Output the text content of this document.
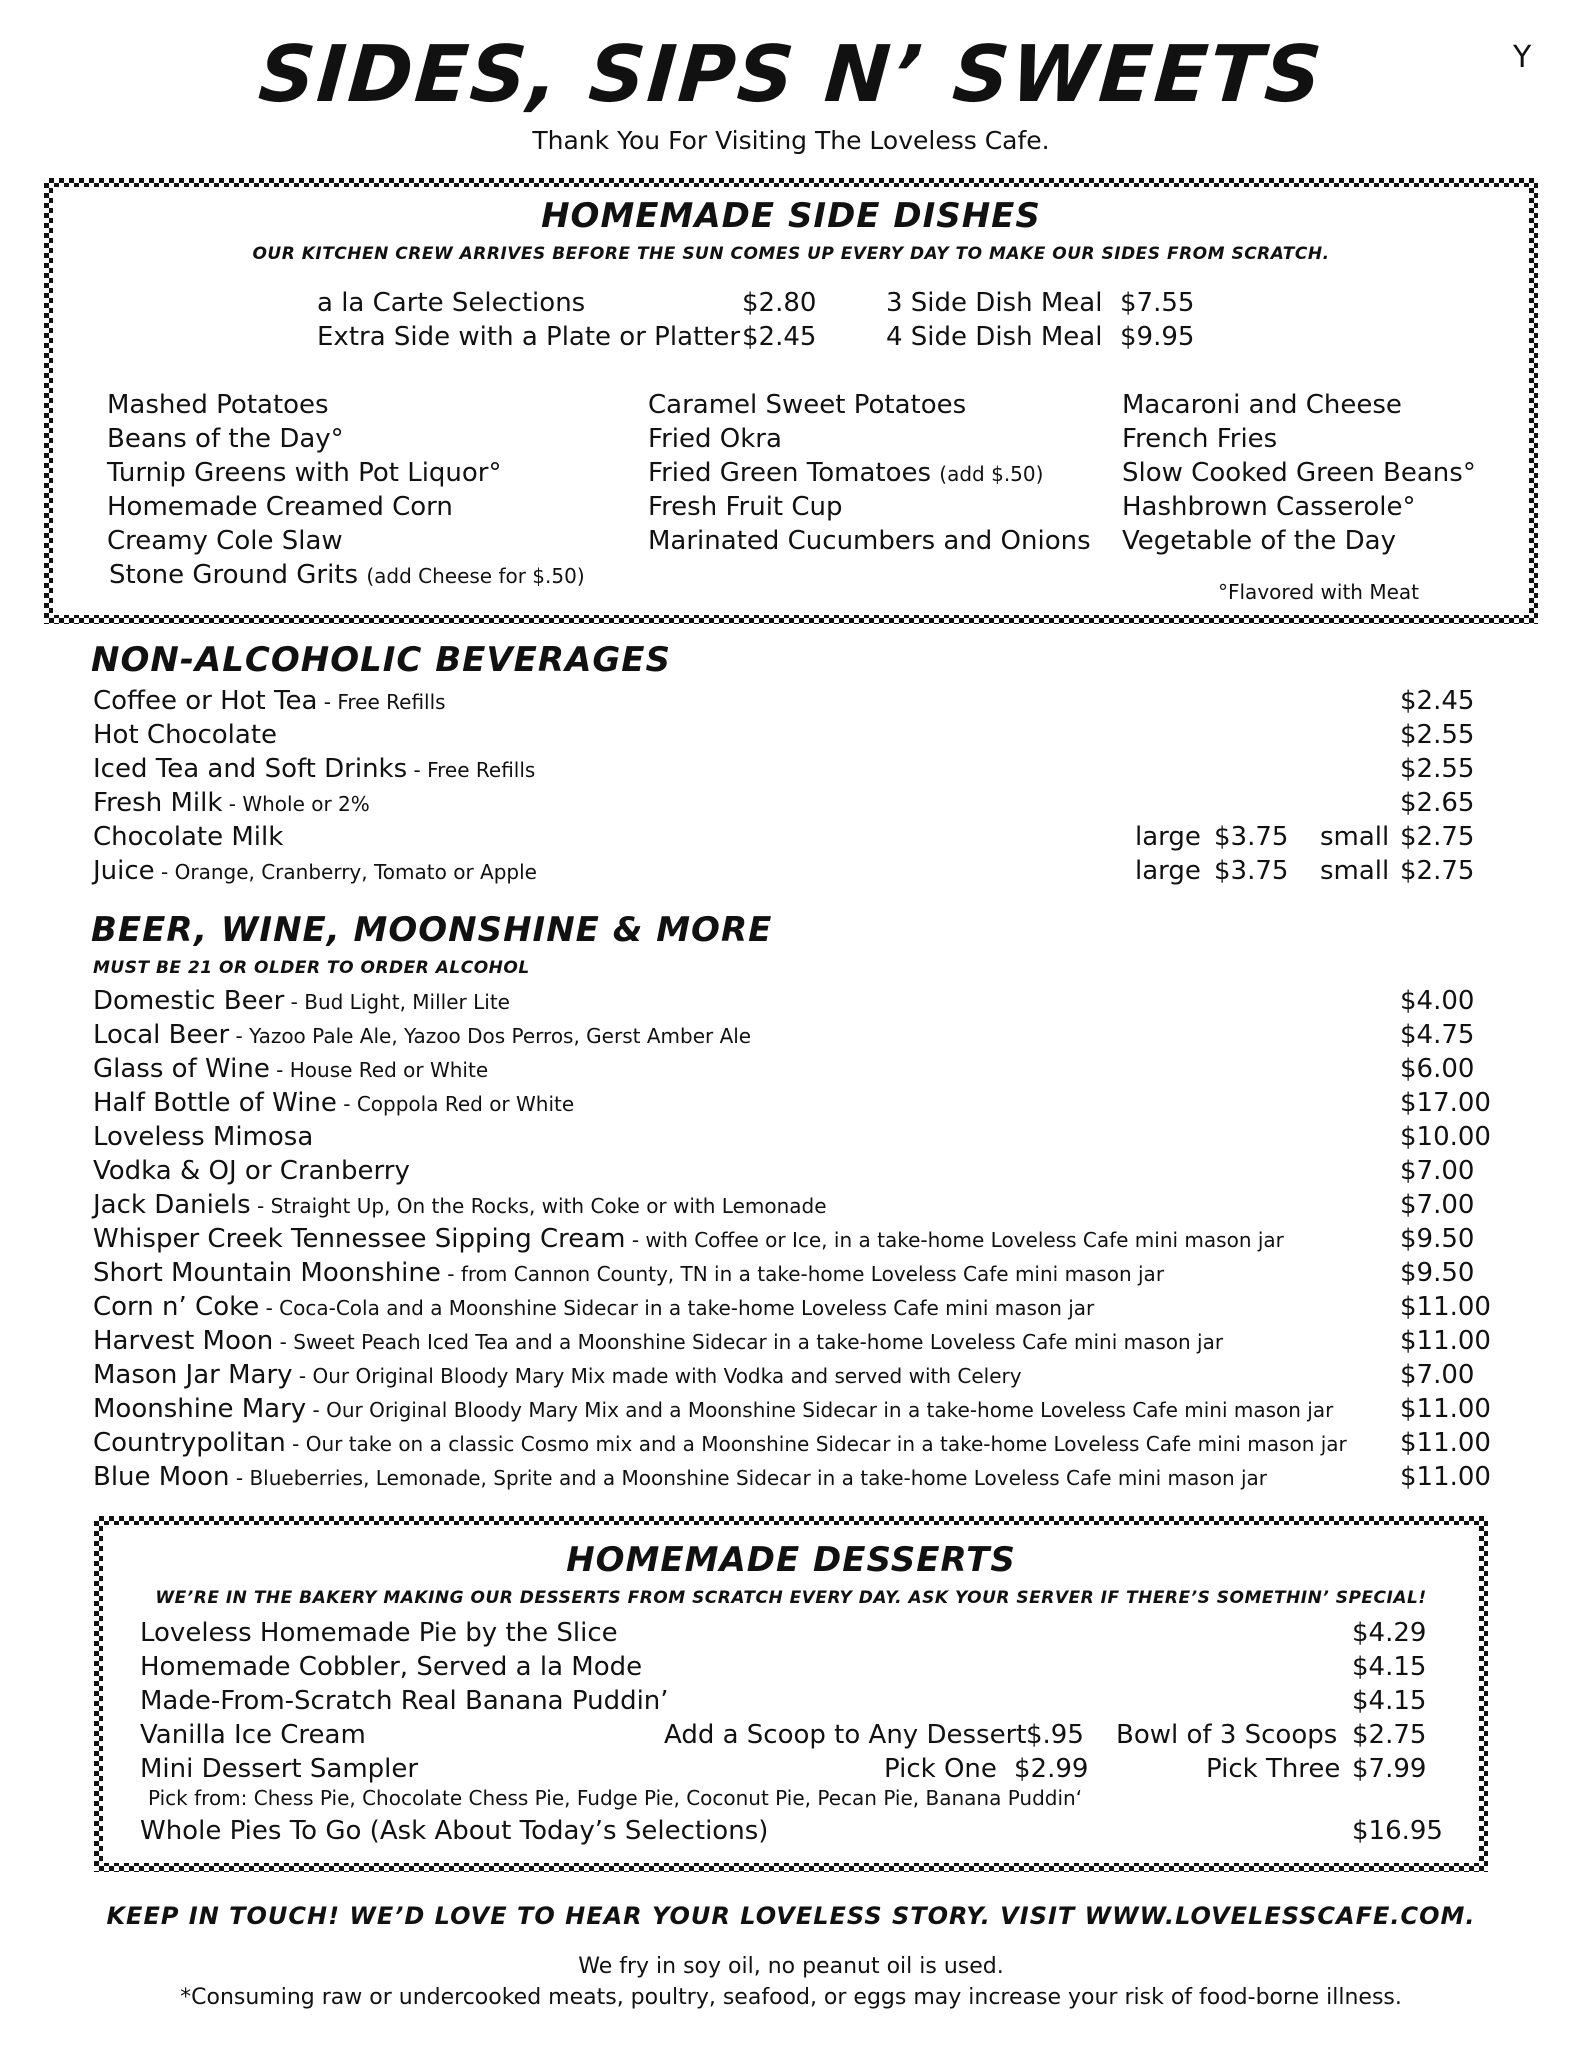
SIDES, SIPS N’ SWEETS
Thank You For Visiting The Loveless Cafe.
Y
HOMEMADE SIDE DISHES
OUR KITCHEN CREW ARRIVES BEFORE THE SUN COMES UP EVERY DAY TO MAKE OUR SIDES FROM SCRATCH.
a la Carte Selections	$2.80	3 Side Dish Meal $7.55
Extra Side with a Plate or Platter $2.45	4 Side Dish Meal $9.95
Mashed Potatoes
Beans of the Day°
Turnip Greens with Pot Liquor°
Homemade Creamed Corn
Creamy Cole Slaw
Stone Ground Grits (add Cheese for $.50)
Caramel Sweet Potatoes
Fried Okra
Fried Green Tomatoes (add $.50)
Fresh Fruit Cup
Marinated Cucumbers and Onions
Macaroni and Cheese
French Fries
Slow Cooked Green Beans°
Hashbrown Casserole°
Vegetable of the Day
°Flavored with Meat
NON-ALCOHOLIC BEVERAGES
Coffee or Hot Tea - Free Refills	$2.45
Hot Chocolate	$2.55
Iced Tea and Soft Drinks - Free Refills	$2.55
Fresh Milk - Whole or 2%	$2.65
Chocolate Milk	large $3.75 small $2.75
Juice - Orange, Cranberry, Tomato or Apple	large $3.75 small $2.75
BEER, WINE, MOONSHINE & MORE
MUST BE 21 OR OLDER TO ORDER ALCOHOL
Domestic Beer - Bud Light, Miller Lite	$4.00
Local Beer - Yazoo Pale Ale, Yazoo Dos Perros, Gerst Amber Ale	$4.75
Glass of Wine - House Red or White	$6.00
Half Bottle of Wine - Coppola Red or White	$17.00
Loveless Mimosa	$10.00
Vodka & OJ or Cranberry	$7.00
Jack Daniels - Straight Up, On the Rocks, with Coke or with Lemonade	$7.00
Whisper Creek Tennessee Sipping Cream - with Coffee or Ice, in a take-home Loveless Cafe mini mason jar	$9.50
Short Mountain Moonshine - from Cannon County, TN in a take-home Loveless Cafe mini mason jar	$9.50
Corn n’ Coke - Coca-Cola and a Moonshine Sidecar in a take-home Loveless Cafe mini mason jar	$11.00
Harvest Moon - Sweet Peach Iced Tea and a Moonshine Sidecar in a take-home Loveless Cafe mini mason jar	$11.00
Mason Jar Mary - Our Original Bloody Mary Mix made with Vodka and served with Celery	$7.00
Moonshine Mary - Our Original Bloody Mary Mix and a Moonshine Sidecar in a take-home Loveless Cafe mini mason jar	$11.00
Countrypolitan - Our take on a classic Cosmo mix and a Moonshine Sidecar in a take-home Loveless Cafe mini mason jar $11.00
Blue Moon - Blueberries, Lemonade, Sprite and a Moonshine Sidecar in a take-home Loveless Cafe mini mason jar	$11.00
HOMEMADE DESSERTS
WE’RE IN THE BAKERY MAKING OUR DESSERTS FROM SCRATCH EVERY DAY. ASK YOUR SERVER IF THERE’S SOMETHIN’ SPECIAL!
Loveless Homemade Pie by the Slice	$4.29
Homemade Cobbler, Served a la Mode	$4.15
Made-From-Scratch Real Banana Puddin’	$4.15
Vanilla Ice Cream	Add a Scoop to Any Dessert $.95 Bowl of 3 Scoops $2.75
Mini Dessert Sampler	Pick One $2.99	Pick Three $7.99
Pick from: Chess Pie, Chocolate Chess Pie, Fudge Pie, Coconut Pie, Pecan Pie, Banana Puddin‘
Whole Pies To Go (Ask About Today’s Selections)	$16.95
KEEP IN TOUCH! WE’D LOVE TO HEAR YOUR LOVELESS STORY. VISIT WWW.LOVELESSCAFE.COM.
We fry in soy oil, no peanut oil is used.
*Consuming raw or undercooked meats, poultry, seafood, or eggs may increase your risk of food-borne illness.
